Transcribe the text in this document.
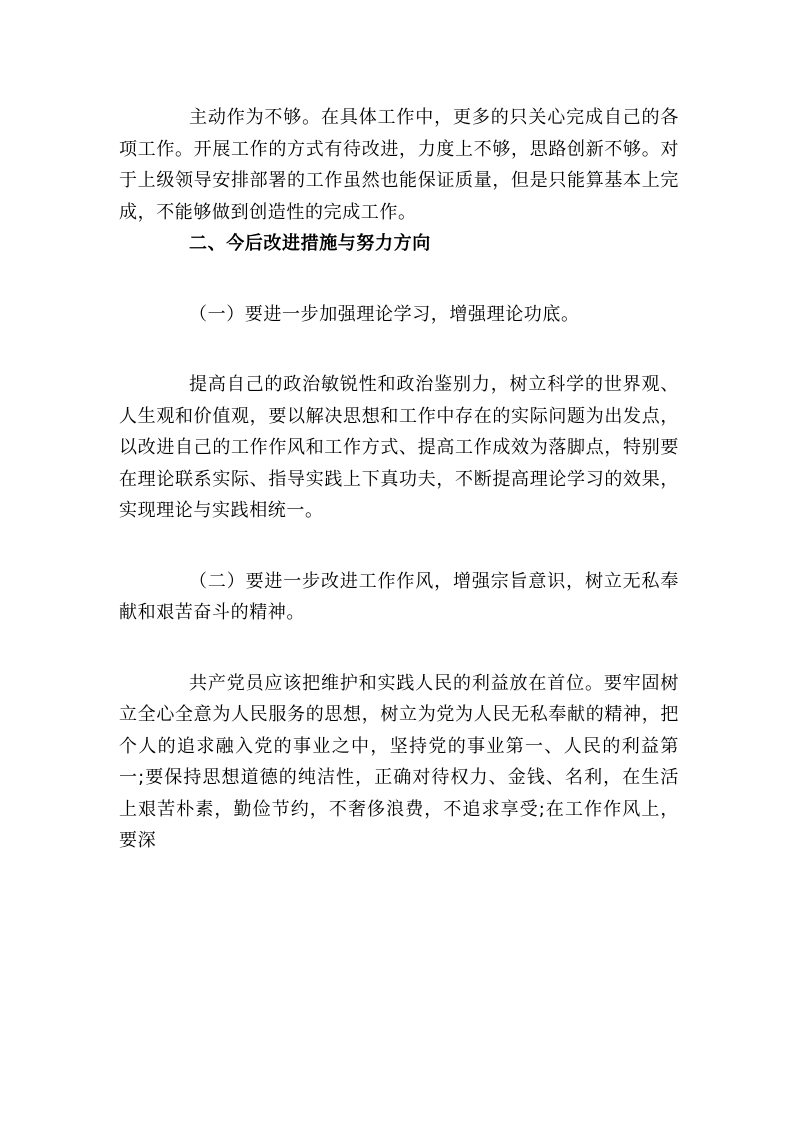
主动作为不够。在具体工作中，更多的只关心完成自己的各项工作。开展工作的方式有待改进，力度上不够，思路创新不够。对于上级领导安排部署的工作虽然也能保证质量，但是只能算基本上完成，不能够做到创造性的完成工作。

二、今后改进措施与努力方向

（一）要进一步加强理论学习，增强理论功底。

提高自己的政治敏锐性和政治鉴别力，树立科学的世界观、人生观和价值观，要以解决思想和工作中存在的实际问题为出发点，以改进自己的工作作风和工作方式、提高工作成效为落脚点，特别要在理论联系实际、指导实践上下真功夫，不断提高理论学习的效果，实现理论与实践相统一。

（二）要进一步改进工作作风，增强宗旨意识，树立无私奉献和艰苦奋斗的精神。

共产党员应该把维护和实践人民的利益放在首位。要牢固树立全心全意为人民服务的思想，树立为党为人民无私奉献的精神，把个人的追求融入党的事业之中，坚持党的事业第一、人民的利益第一;要保持思想道德的纯洁性，正确对待权力、金钱、名利，在生活上艰苦朴素，勤俭节约，不奢侈浪费，不追求享受;在工作作风上，要深
